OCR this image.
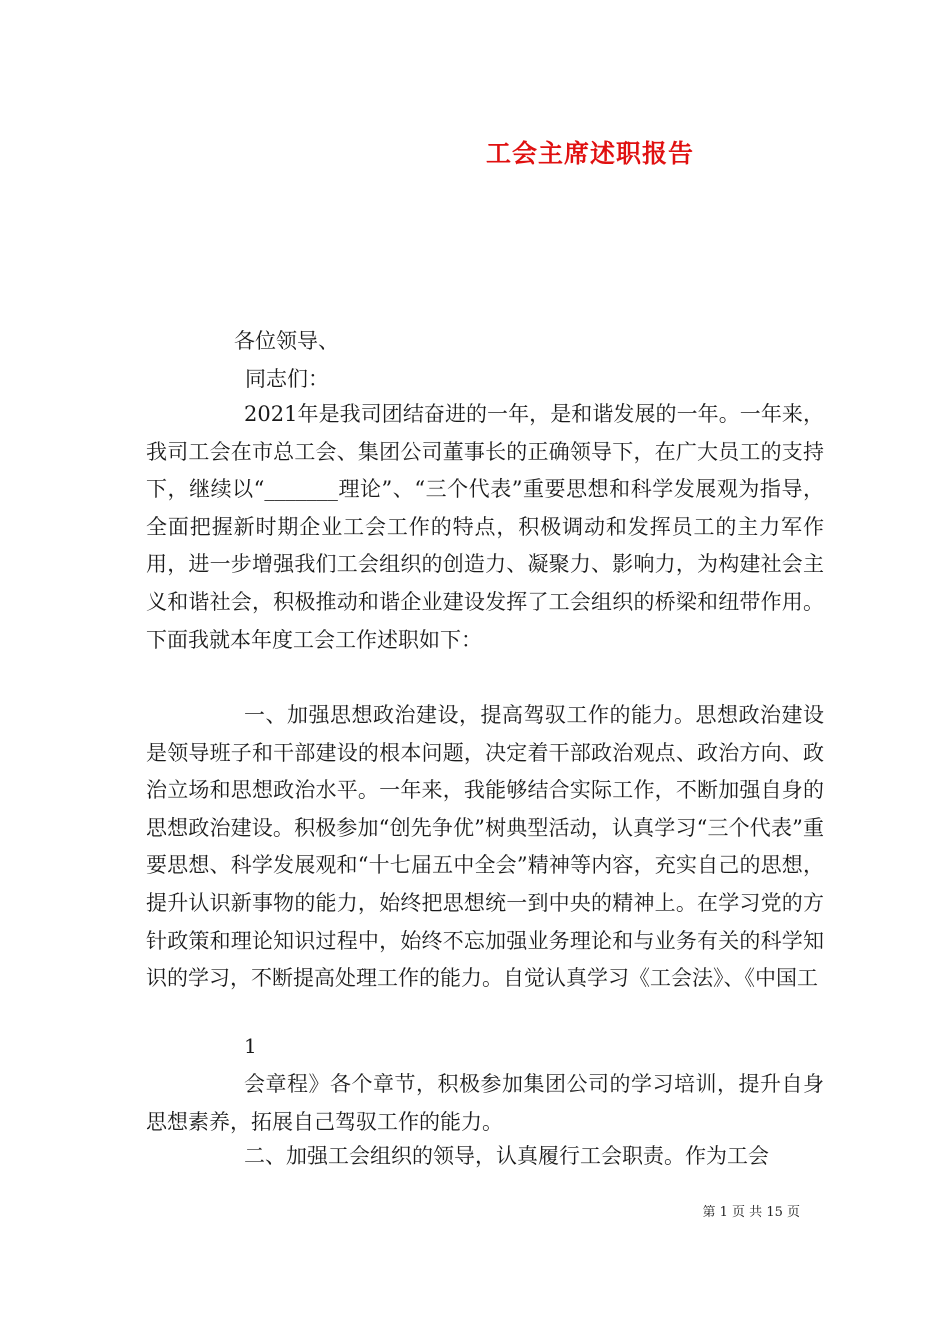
工会主席述职报告
各位领导、
同志们：

2021年是我司团结奋进的一年，是和谐发展的一年。一年来，我司工会在市总工会、集团公司董事长的正确领导下，在广大员工的支持下，继续以“_______理论”、“三个代表”重要思想和科学发展观为指导，全面把握新时期企业工会工作的特点，积极调动和发挥员工的主力军作用，进一步增强我们工会组织的创造力、凝聚力、影响力，为构建社会主义和谐社会，积极推动和谐企业建设发挥了工会组织的桥梁和纽带作用。下面我就本年度工会工作述职如下：

一、加强思想政治建设，提高驾驭工作的能力。思想政治建设是领导班子和干部建设的根本问题，决定着干部政治观点、政治方向、政治立场和思想政治水平。一年来，我能够结合实际工作，不断加强自身的思想政治建设。积极参加“创先争优”树典型活动，认真学习“三个代表”重要思想、科学发展观和“十七届五中全会”精神等内容，充实自己的思想，提升认识新事物的能力，始终把思想统一到中央的精神上。在学习党的方针政策和理论知识过程中，始终不忘加强业务理论和与业务有关的科学知识的学习，不断提高处理工作的能力。自觉认真学习《工会法》、《中国工

1

会章程》各个章节，积极参加集团公司的学习培训，提升自身思想素养，拓展自己驾驭工作的能力。

二、加强工会组织的领导，认真履行工会职责。作为工会

第 1 页 共 15 页
